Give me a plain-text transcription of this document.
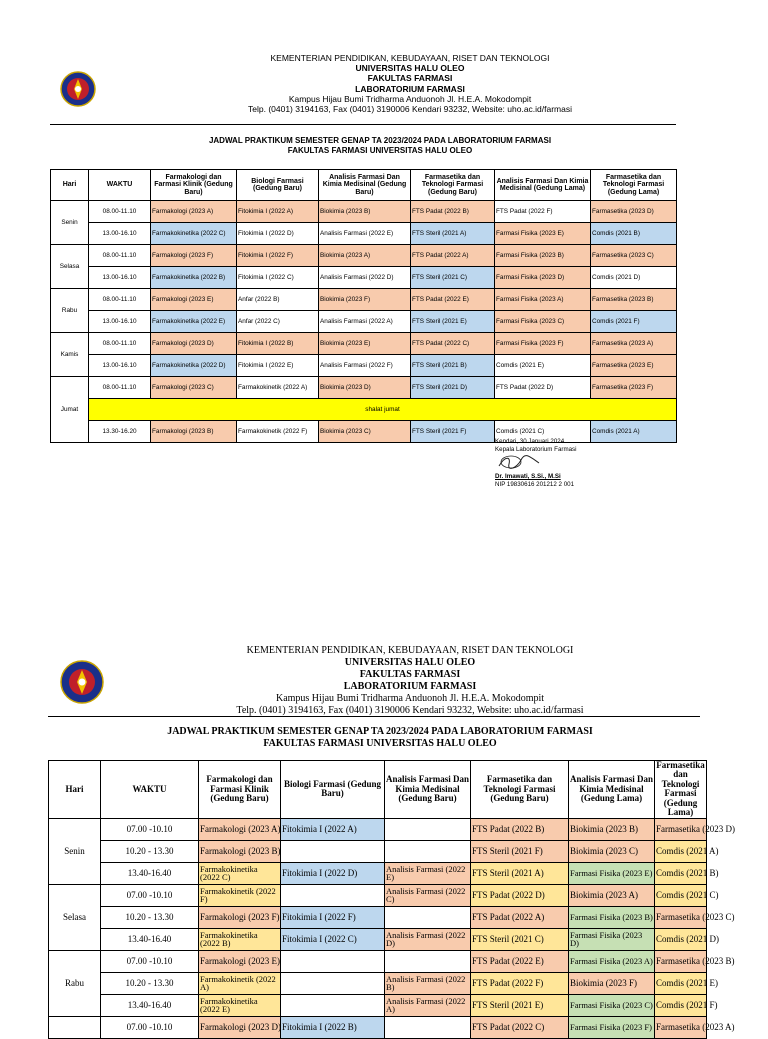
KEMENTERIAN PENDIDIKAN, KEBUDAYAAN, RISET DAN TEKNOLOGI
UNIVERSITAS HALU OLEO
FAKULTAS FARMASI
LABORATORIUM FARMASI
Kampus Hijau Bumi Tridharma Anduonoh Jl. H.E.A. Mokodompit
Telp. (0401) 3194163, Fax (0401) 3190006 Kendari 93232, Website: uho.ac.id/farmasi
JADWAL PRAKTIKUM SEMESTER GENAP TA 2023/2024 PADA LABORATORIUM FARMASI
FAKULTAS FARMASI UNIVERSITAS HALU OLEO
Hari	WAKTU	Farmakologi dan Farmasi Klinik (Gedung Baru)	Biologi Farmasi (Gedung Baru)	Analisis Farmasi Dan Kimia Medisinal (Gedung Baru)	Farmasetika dan Teknologi Farmasi (Gedung Baru)	Analisis Farmasi Dan Kimia Medisinal (Gedung Lama)	Farmasetika dan Teknologi Farmasi (Gedung Lama)
Senin	08.00-11.10	Farmakologi (2023 A)	Fitokimia I (2022 A)	Biokimia (2023 B)	FTS Padat (2022 B)	FTS Padat (2022 F)	Farmasetika (2023 D)
	13.00-16.10	Farmakokinetika (2022 C)	Fitokimia I (2022 D)	Analisis Farmasi (2022 E)	FTS Steril (2021 A)	Farmasi Fisika (2023 E)	Comdis (2021 B)
Selasa	08.00-11.10	Farmakologi (2023 F)	Fitokimia I (2022 F)	Biokimia (2023 A)	FTS Padat (2022 A)	Farmasi Fisika (2023 B)	Farmasetika (2023 C)
	13.00-16.10	Farmakokinetika (2022 B)	Fitokimia I (2022 C)	Analisis Farmasi (2022 D)	FTS Steril (2021 C)	Farmasi Fisika (2023 D)	Comdis (2021 D)
Rabu	08.00-11.10	Farmakologi (2023 E)	Anfar (2022 B)	Biokimia (2023 F)	FTS Padat (2022 E)	Farmasi Fisika (2023 A)	Farmasetika (2023 B)
	13.00-16.10	Farmakokinetika (2022 E)	Anfar (2022 C)	Analisis Farmasi (2022 A)	FTS Steril (2021 E)	Farmasi Fisika (2023 C)	Comdis (2021 F)
Kamis	08.00-11.10	Farmakologi (2023 D)	Fitokimia I (2022 B)	Biokimia (2023 E)	FTS Padat (2022 C)	Farmasi Fisika (2023 F)	Farmasetika (2023 A)
	13.00-16.10	Farmakokinetika (2022 D)	Fitokimia I (2022 E)	Analisis Farmasi (2022 F)	FTS Steril (2021 B)	Comdis (2021 E)	Farmasetika (2023 E)
Jumat	08.00-11.10	Farmakologi (2023 C)	Farmakokinetik (2022 A)	Biokimia (2023 D)	FTS Steril (2021 D)	FTS Padat (2022 D)	Farmasetika (2023 F)
	shalat jumat						
	13.30-16.20	Farmakologi (2023 B)	Farmakokinetik (2022 F)	Biokimia (2023 C)	FTS Steril (2021 F)	Comdis (2021 C)	Comdis (2021 A)
Kendari, 30 Januari 2024
Kepala Laboratorium Farmasi
Dr. Imawati, S.Si., M.Si
NIP 19830616 201212 2 001
KEMENTERIAN PENDIDIKAN, KEBUDAYAAN, RISET DAN TEKNOLOGI
UNIVERSITAS HALU OLEO
FAKULTAS FARMASI
LABORATORIUM FARMASI
Kampus Hijau Bumi Tridharma Anduonoh Jl. H.E.A. Mokodompit
Telp. (0401) 3194163, Fax (0401) 3190006 Kendari 93232, Website: uho.ac.id/farmasi
JADWAL PRAKTIKUM SEMESTER GENAP TA 2023/2024 PADA LABORATORIUM FARMASI
FAKULTAS FARMASI UNIVERSITAS HALU OLEO
Hari	WAKTU	Farmakologi dan Farmasi Klinik (Gedung Baru)	Biologi Farmasi (Gedung Baru)	Analisis Farmasi Dan Kimia Medisinal (Gedung Baru)	Farmasetika dan Teknologi Farmasi (Gedung Baru)	Analisis Farmasi Dan Kimia Medisinal (Gedung Lama)	Farmasetika dan Teknologi Farmasi (Gedung Lama)
Senin	07.00 -10.10	Farmakologi (2023 A)	Fitokimia I (2022 A)		FTS Padat (2022 B)	Biokimia (2023 B)	Farmasetika (2023 D)
	10.20 - 13.30	Farmakologi (2023 B)			FTS Steril (2021 F)	Biokimia (2023 C)	Comdis (2021 A)
	13.40-16.40	Farmakokinetika (2022 C)	Fitokimia I (2022 D)	Analisis Farmasi (2022 E)	FTS Steril (2021 A)	Farmasi Fisika (2023 E)	Comdis (2021 B)
Selasa	07.00 -10.10	Farmakokinetik (2022 F)		Analisis Farmasi (2022 C)	FTS Padat (2022 D)	Biokimia (2023 A)	Comdis (2021 C)
	10.20 - 13.30	Farmakologi (2023 F)	Fitokimia I (2022 F)		FTS Padat (2022 A)	Farmasi Fisika (2023 B)	Farmasetika (2023 C)
	13.40-16.40	Farmakokinetika (2022 B)	Fitokimia I (2022 C)	Analisis Farmasi (2022 D)	FTS Steril (2021 C)	Farmasi Fisika (2023 D)	Comdis (2021 D)
Rabu	07.00 -10.10	Farmakologi (2023 E)			FTS Padat (2022 E)	Farmasi Fisika (2023 A)	Farmasetika (2023 B)
	10.20 - 13.30	Farmakokinetik (2022 A)		Analisis Farmasi (2022 B)	FTS Padat (2022 F)	Biokimia (2023 F)	Comdis (2021 E)
	13.40-16.40	Farmakokinetika (2022 E)		Analisis Farmasi (2022 A)	FTS Steril (2021 E)	Farmasi Fisika (2023 C)	Comdis (2021 F)
	07.00 -10.10	Farmakologi (2023 D)	Fitokimia I (2022 B)		FTS Padat (2022 C)	Farmasi Fisika (2023 F)	Farmasetika (2023 A)
